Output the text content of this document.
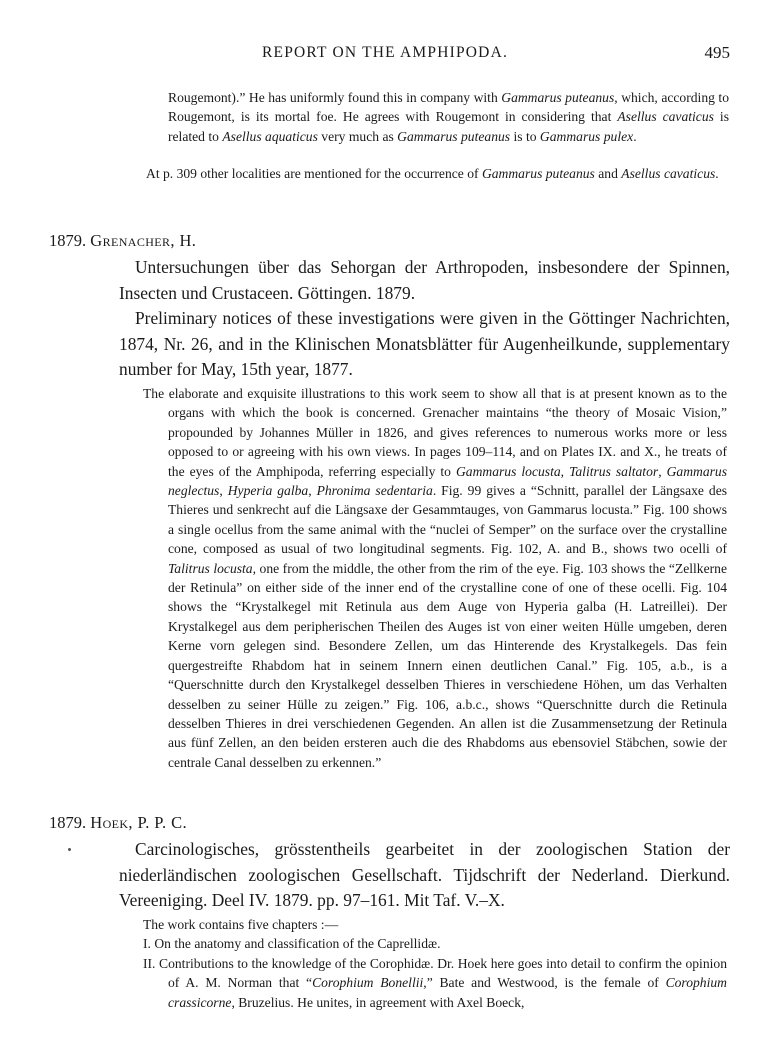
REPORT ON THE AMPHIPODA.	495
Rougemont).” He has uniformly found this in company with Gammarus puteanus, which, according to Rougemont, is its mortal foe. He agrees with Rougemont in considering that Asellus cavaticus is related to Asellus aquaticus very much as Gammarus puteanus is to Gammarus pulex.
At p. 309 other localities are mentioned for the occurrence of Gammarus puteanus and Asellus cavaticus.
1879. Grenacher, H.
Untersuchungen über das Sehorgan der Arthropoden, insbesondere der Spinnen, Insecten und Crustaceen. Göttingen. 1879.
Preliminary notices of these investigations were given in the Göttinger Nachrichten, 1874, Nr. 26, and in the Klinischen Monatsblätter für Augenheilkunde, supplementary number for May, 15th year, 1877.
The elaborate and exquisite illustrations to this work seem to show all that is at present known as to the organs with which the book is concerned. Grenacher maintains “the theory of Mosaic Vision,” propounded by Johannes Müller in 1826, and gives references to numerous works more or less opposed to or agreeing with his own views. In pages 109–114, and on Plates IX. and X., he treats of the eyes of the Amphipoda, referring especially to Gammarus locusta, Talitrus saltator, Gammarus neglectus, Hyperia galba, Phronima sedentaria. Fig. 99 gives a “Schnitt, parallel der Längsaxe des Thieres und senkrecht auf die Längsaxe der Gesammtauges, von Gammarus locusta.” Fig. 100 shows a single ocellus from the same animal with the “nuclei of Semper” on the surface over the crystalline cone, composed as usual of two longitudinal segments. Fig. 102, A. and B., shows two ocelli of Talitrus locusta, one from the middle, the other from the rim of the eye. Fig. 103 shows the “Zellkerne der Retinula” on either side of the inner end of the crystalline cone of one of these ocelli. Fig. 104 shows the “Krystalkegel mit Retinula aus dem Auge von Hyperia galba (H. Latreillei). Der Krystalkegel aus dem peripherischen Theilen des Auges ist von einer weiten Hülle umgeben, deren Kerne vorn gelegen sind. Besondere Zellen, um das Hinterende des Krystalkegels. Das fein quergestreifte Rhabdom hat in seinem Innern einen deutlichen Canal.” Fig. 105, a.b., is a “Querschnitte durch den Krystalkegel desselben Thieres in verschiedene Höhen, um das Verhalten desselben zu seiner Hülle zu zeigen.” Fig. 106, a.b.c., shows “Querschnitte durch die Retinula desselben Thieres in drei verschiedenen Gegenden. An allen ist die Zusammensetzung der Retinula aus fünf Zellen, an den beiden ersteren auch die des Rhabdoms aus ebensoviel Stäbchen, sowie der centrale Canal desselben zu erkennen.”
1879. Hoek, P. P. C.
Carcinologisches, grösstentheils gearbeitet in der zoologischen Station der niederländischen zoologischen Gesellschaft. Tijdschrift der Nederland. Dierkund. Vereeniging. Deel IV. 1879. pp. 97–161. Mit Taf. V.–X.
The work contains five chapters :—
I. On the anatomy and classification of the Caprellidæ.
II. Contributions to the knowledge of the Corophidæ. Dr. Hoek here goes into detail to confirm the opinion of A. M. Norman that “Corophium Bonellii,” Bate and Westwood, is the female of Corophium crassicorne, Bruzelius. He unites, in agreement with Axel Boeck,
